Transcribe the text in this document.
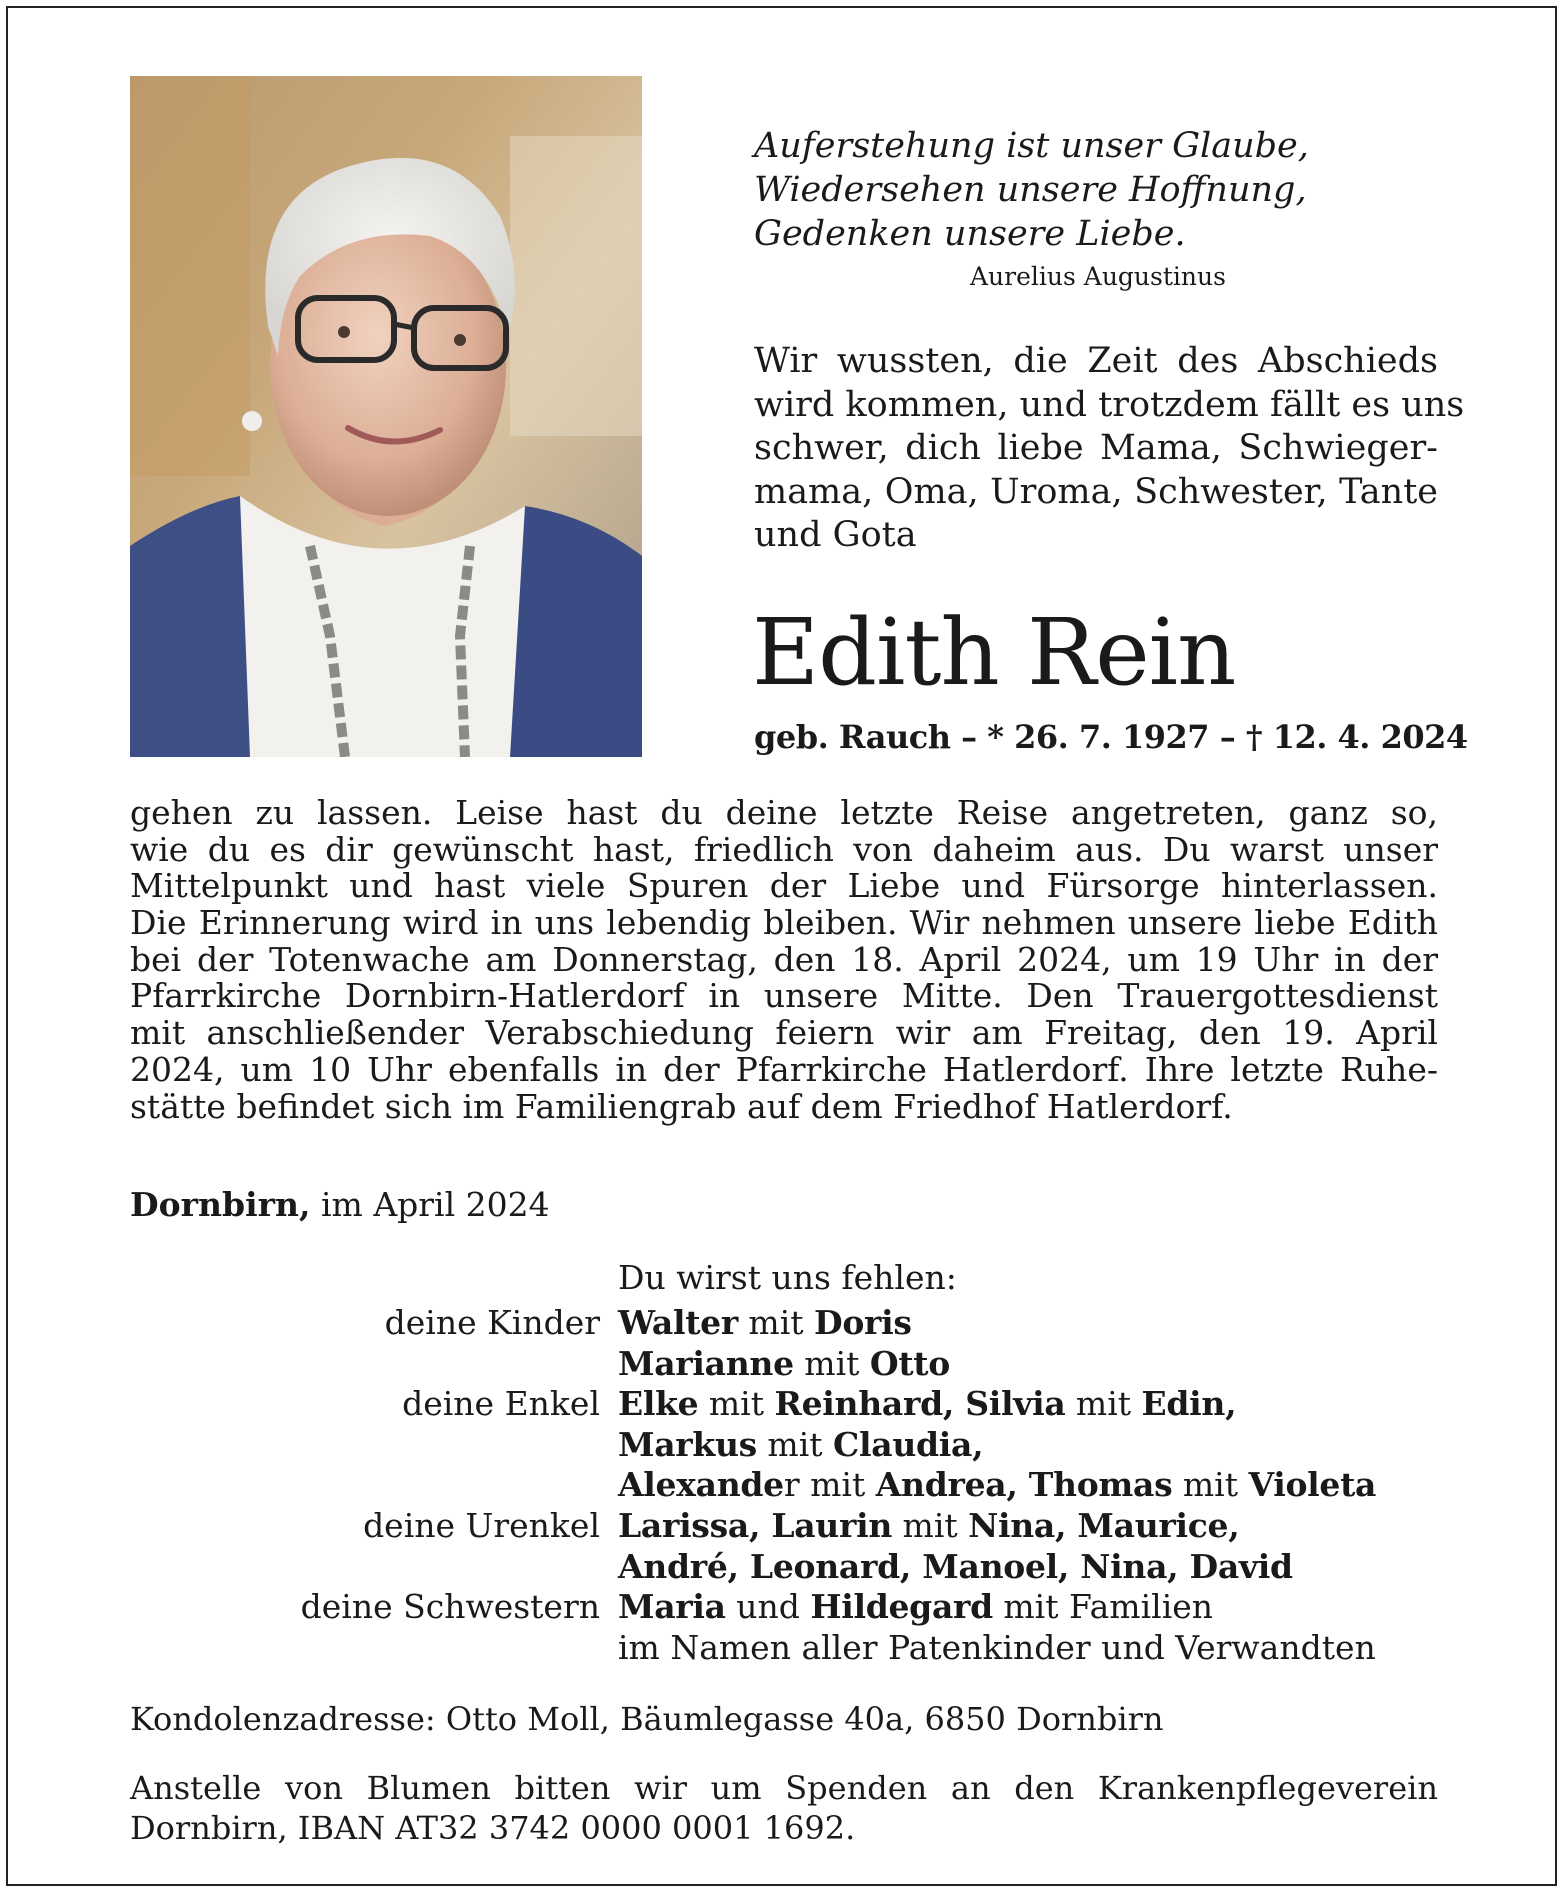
Auferstehung ist unser Glaube,
Wiedersehen unsere Hoffnung,
Gedenken unsere Liebe.
Aurelius Augustinus
Wir wussten, die Zeit des Abschieds
wird kommen, und trotzdem fällt es uns
schwer, dich liebe Mama, Schwieger-
mama, Oma, Uroma, Schwester, Tante
und Gota
Edith Rein
geb. Rauch – * 26. 7. 1927 – † 12. 4. 2024
gehen zu lassen. Leise hast du deine letzte Reise angetreten, ganz so,
wie du es dir gewünscht hast, friedlich von daheim aus. Du warst unser
Mittelpunkt und hast viele Spuren der Liebe und Fürsorge hinterlassen.
Die Erinnerung wird in uns lebendig bleiben. Wir nehmen unsere liebe Edith
bei der Totenwache am Donnerstag, den 18. April 2024, um 19 Uhr in der
Pfarrkirche Dornbirn-Hatlerdorf in unsere Mitte. Den Trauergottesdienst
mit anschließender Verabschiedung feiern wir am Freitag, den 19. April
2024, um 10 Uhr ebenfalls in der Pfarrkirche Hatlerdorf. Ihre letzte Ruhe-
stätte befindet sich im Familiengrab auf dem Friedhof Hatlerdorf.
Dornbirn, im April 2024
Du wirst uns fehlen:
deine Kinder Walter mit Doris
Marianne mit Otto
deine Enkel Elke mit Reinhard, Silvia mit Edin,
Markus mit Claudia,
Alexander mit Andrea, Thomas mit Violeta
deine Urenkel Larissa, Laurin mit Nina, Maurice,
André, Leonard, Manoel, Nina, David
deine Schwestern Maria und Hildegard mit Familien
im Namen aller Patenkinder und Verwandten
Kondolenzadresse: Otto Moll, Bäumlegasse 40a, 6850 Dornbirn
Anstelle von Blumen bitten wir um Spenden an den Krankenpflegeverein
Dornbirn, IBAN AT32 3742 0000 0001 1692.
